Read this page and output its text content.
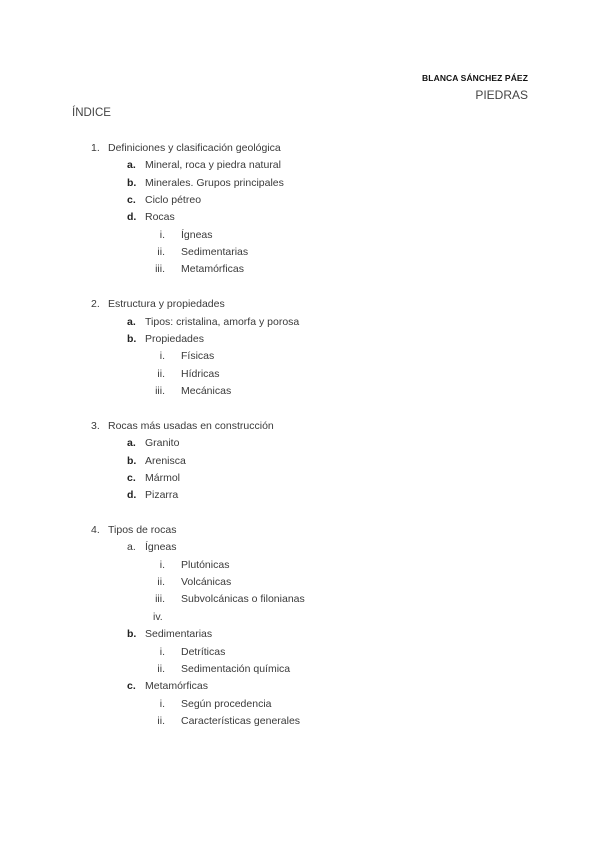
BLANCA SÁNCHEZ PÁEZ
PIEDRAS
ÍNDICE
1. Definiciones y clasificación geológica
a. Mineral, roca y piedra natural
b. Minerales. Grupos principales
c. Ciclo pétreo
d. Rocas
i. Ígneas
ii. Sedimentarias
iii. Metamórficas
2. Estructura y propiedades
a. Tipos: cristalina, amorfa y porosa
b. Propiedades
i. Físicas
ii. Hídricas
iii. Mecánicas
3. Rocas más usadas en construcción
a. Granito
b. Arenisca
c. Mármol
d. Pizarra
4. Tipos de rocas
a. Ígneas
i. Plutónicas
ii. Volcánicas
iii. Subvolcánicas o filonianas
iv.
b. Sedimentarias
i. Detríticas
ii. Sedimentación química
c. Metamórficas
i. Según procedencia
ii. Características generales
